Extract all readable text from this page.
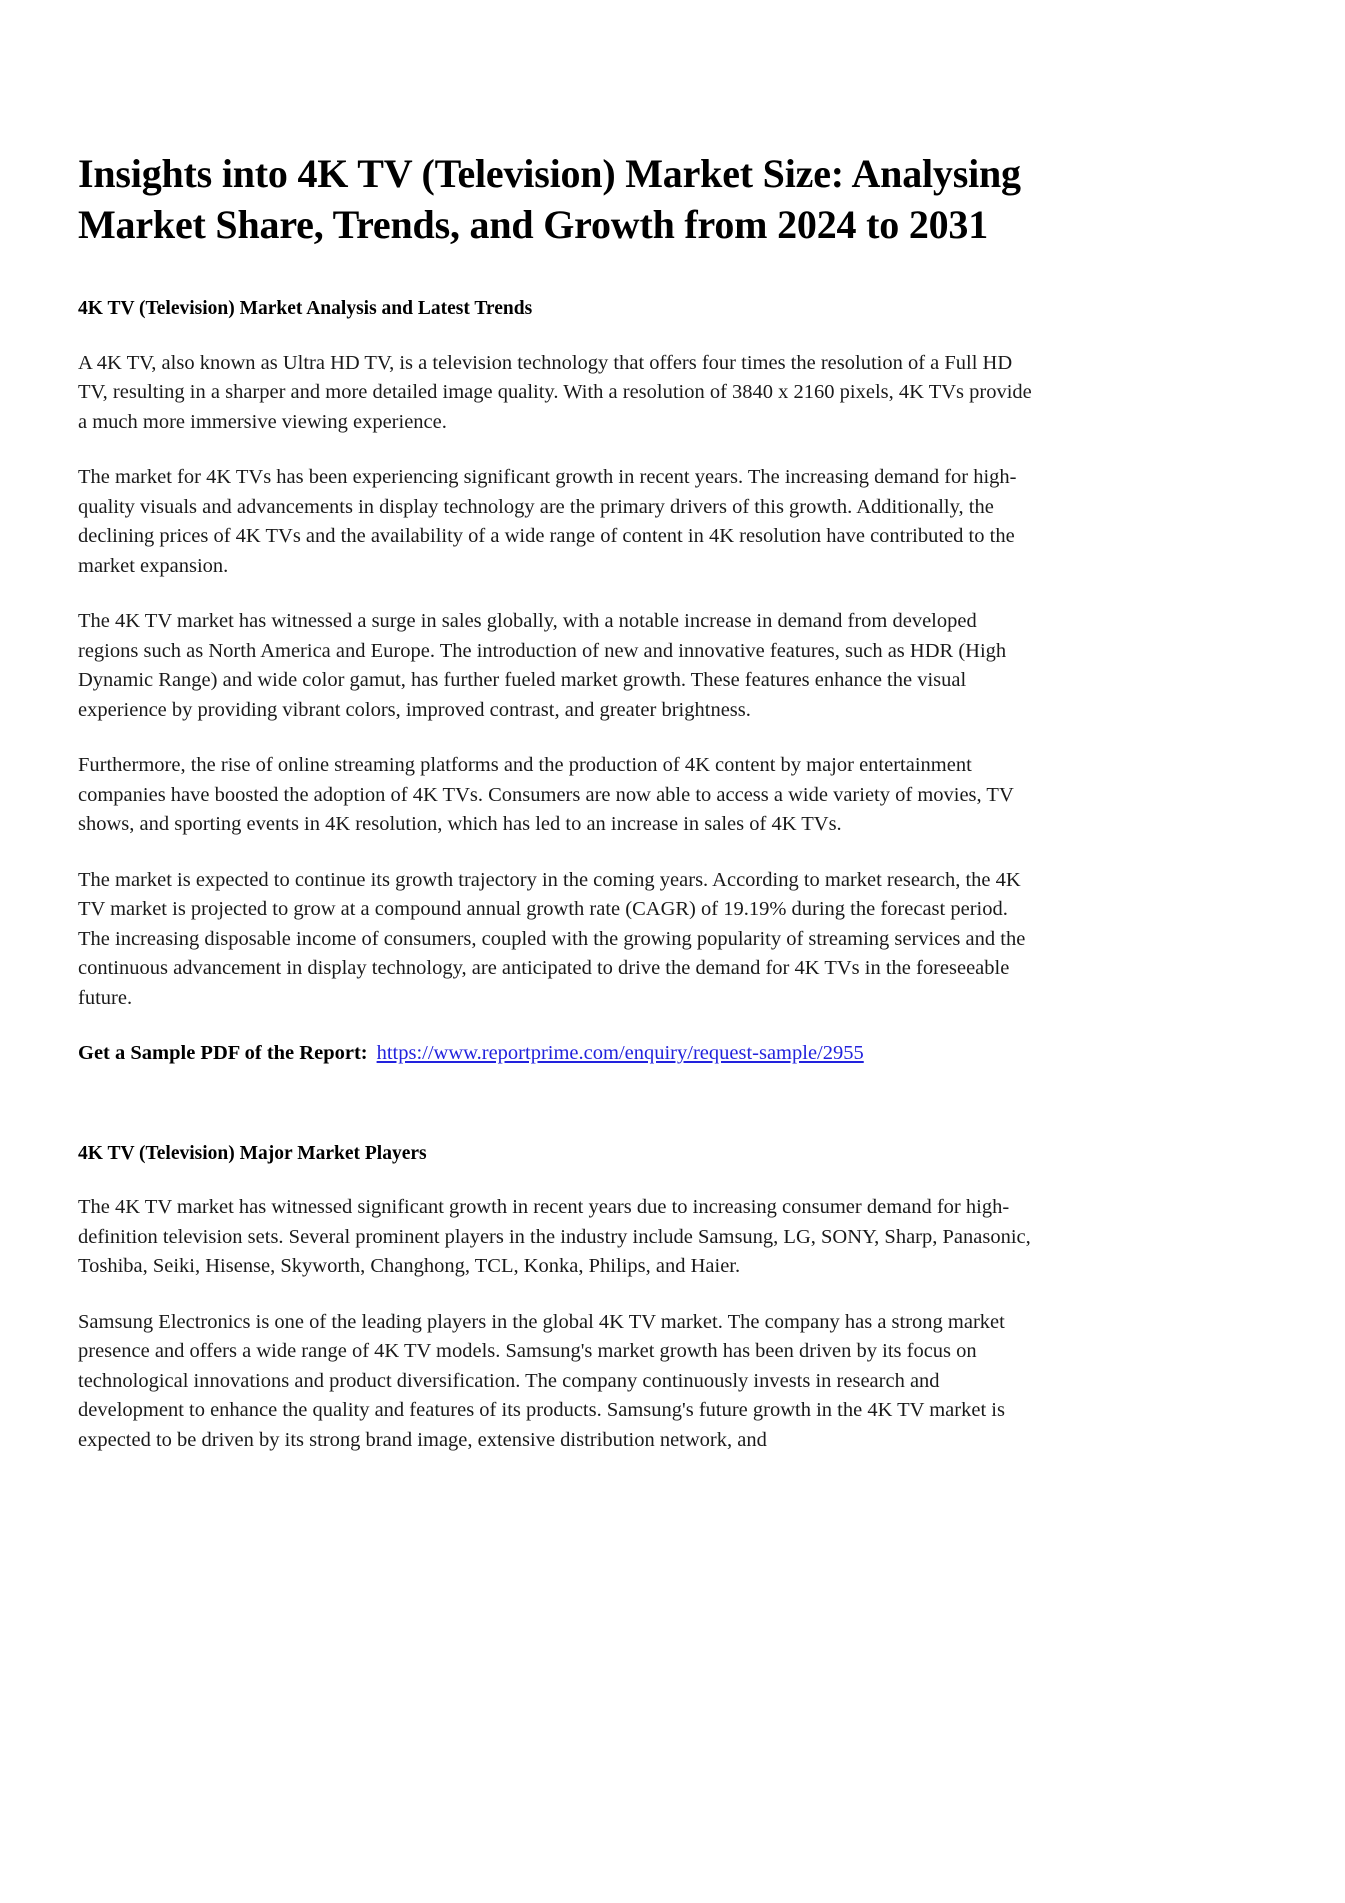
Insights into 4K TV (Television) Market Size: Analysing Market Share, Trends, and Growth from 2024 to 2031
4K TV (Television) Market Analysis and Latest Trends

A 4K TV, also known as Ultra HD TV, is a television technology that offers four times the resolution of a Full HD TV, resulting in a sharper and more detailed image quality. With a resolution of 3840 x 2160 pixels, 4K TVs provide a much more immersive viewing experience.

The market for 4K TVs has been experiencing significant growth in recent years. The increasing demand for high-quality visuals and advancements in display technology are the primary drivers of this growth. Additionally, the declining prices of 4K TVs and the availability of a wide range of content in 4K resolution have contributed to the market expansion.

The 4K TV market has witnessed a surge in sales globally, with a notable increase in demand from developed regions such as North America and Europe. The introduction of new and innovative features, such as HDR (High Dynamic Range) and wide color gamut, has further fueled market growth. These features enhance the visual experience by providing vibrant colors, improved contrast, and greater brightness.

Furthermore, the rise of online streaming platforms and the production of 4K content by major entertainment companies have boosted the adoption of 4K TVs. Consumers are now able to access a wide variety of movies, TV shows, and sporting events in 4K resolution, which has led to an increase in sales of 4K TVs.

The market is expected to continue its growth trajectory in the coming years. According to market research, the 4K TV market is projected to grow at a compound annual growth rate (CAGR) of 19.19% during the forecast period. The increasing disposable income of consumers, coupled with the growing popularity of streaming services and the continuous advancement in display technology, are anticipated to drive the demand for 4K TVs in the foreseeable future.

Get a Sample PDF of the Report: https://www.reportprime.com/enquiry/request-sample/2955

4K TV (Television) Major Market Players

The 4K TV market has witnessed significant growth in recent years due to increasing consumer demand for high-definition television sets. Several prominent players in the industry include Samsung, LG, SONY, Sharp, Panasonic, Toshiba, Seiki, Hisense, Skyworth, Changhong, TCL, Konka, Philips, and Haier.

Samsung Electronics is one of the leading players in the global 4K TV market. The company has a strong market presence and offers a wide range of 4K TV models. Samsung's market growth has been driven by its focus on technological innovations and product diversification. The company continuously invests in research and development to enhance the quality and features of its products. Samsung's future growth in the 4K TV market is expected to be driven by its strong brand image, extensive distribution network, and
